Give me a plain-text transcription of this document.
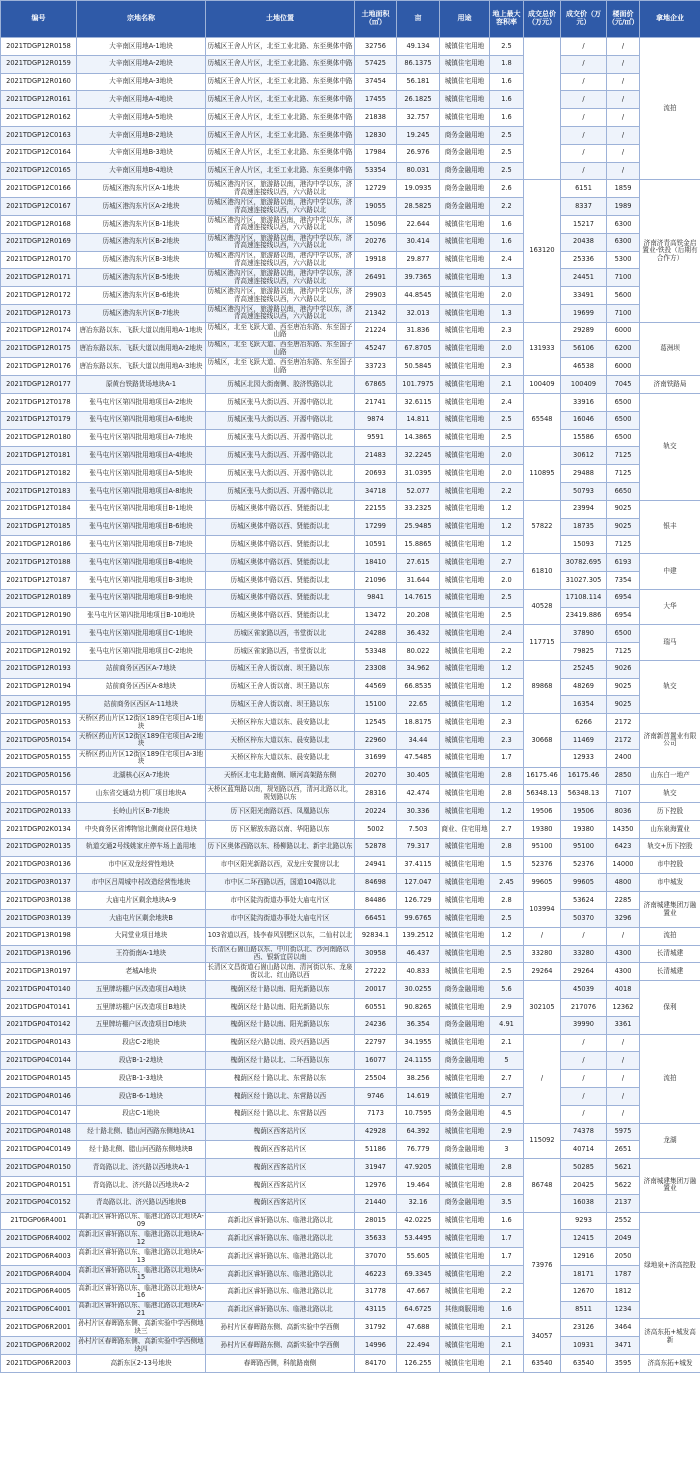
编号	宗地名称	土地位置	土地面积（㎡）	亩	用途	地上最大容积率	成交总价（万元）	成交价（万元）	楼面价（元/㎡）	拿地企业
2021TDGP12R0158	大辛南区用地A-1地块	历城区王舍人片区，北至工业北路、东至奥体中路	32756	49.134	城镇住宅用地	2.5		/	/	流拍
2021TDGP12R0159	大辛南区用地A-2地块	历城区王舍人片区，北至工业北路、东至奥体中路	57425	86.1375	城镇住宅用地	1.8		/	/	
2021TDGP12R0160	大辛南区用地A-3地块	历城区王舍人片区，北至工业北路、东至奥体中路	37454	56.181	城镇住宅用地	1.6		/	/	
2021TDGP12R0161	大辛南区用地A-4地块	历城区王舍人片区，北至工业北路、东至奥体中路	17455	26.1825	城镇住宅用地	1.6		/	/	
2021TDGP12R0162	大辛南区用地A-5地块	历城区王舍人片区，北至工业北路、东至奥体中路	21838	32.757	城镇住宅用地	1.6		/	/	
2021TDGP12C0163	大辛南区用地B-2地块	历城区王舍人片区，北至工业北路、东至奥体中路	12830	19.245	商务金融用地	2.5		/	/	
2021TDGP12C0164	大辛南区用地B-3地块	历城区王舍人片区，北至工业北路、东至奥体中路	17984	26.976	商务金融用地	2.5		/	/	
2021TDGP12C0165	大辛南区用地B-4地块	历城区王舍人片区，北至工业北路、东至奥体中路	53354	80.031	商务金融用地	2.5		/	/	
2021TDGP12C0166	历城区港沟东片区A-1地块	历城区港沟片区，旅游路以南，港沟中学以东，济青高速连接线以西，六六路以北	12729	19.0935	商务金融用地	2.6	163120	6151	1859	济南济青高铁金启置业-铁投（后期有合作方）
2021TDGP12C0167	历城区港沟东片区A-2地块	历城区港沟片区，旅游路以南，港沟中学以东，济青高速连接线以西，六六路以北	19055	28.5825	商务金融用地	2.2		8337	1989	
2021TDGP12R0168	历城区港沟东片区B-1地块	历城区港沟片区，旅游路以南，港沟中学以东，济青高速连接线以西，六六路以北	15096	22.644	城镇住宅用地	1.6		15217	6300	
2021TDGP12R0169	历城区港沟东片区B-2地块	历城区港沟片区，旅游路以南，港沟中学以东，济青高速连接线以西，六六路以北	20276	30.414	城镇住宅用地	1.6		20438	6300	
2021TDGP12R0170	历城区港沟东片区B-3地块	历城区港沟片区，旅游路以南，港沟中学以东，济青高速连接线以西，六六路以北	19918	29.877	城镇住宅用地	2.4		25336	5300	
2021TDGP12R0171	历城区港沟东片区B-5地块	历城区港沟片区，旅游路以南，港沟中学以东，济青高速连接线以西，六六路以北	26491	39.7365	城镇住宅用地	1.3		24451	7100	
2021TDGP12R0172	历城区港沟东片区B-6地块	历城区港沟片区，旅游路以南，港沟中学以东，济青高速连接线以西，六六路以北	29903	44.8545	城镇住宅用地	2.0		33491	5600	
2021TDGP12R0173	历城区港沟东片区B-7地块	历城区港沟片区，旅游路以南，港沟中学以东，济青高速连接线以西，六六路以北	21342	32.013	城镇住宅用地	1.3		19699	7100	
2021TDGP12R0174	唐冶东路以东、飞跃大道以南用地A-1地块	历城区，北至飞跃大道、西至唐冶东路、东至国子山路	21224	31.836	城镇住宅用地	2.3	131933	29289	6000	葛洲坝
2021TDGP12R0175	唐冶东路以东、飞跃大道以南用地A-2地块	历城区，北至飞跃大道、西至唐冶东路、东至国子山路	45247	67.8705	城镇住宅用地	2.0		56106	6200	
2021TDGP12R0176	唐冶东路以东、飞跃大道以南用地A-3地块	历城区，北至飞跃大道、西至唐冶东路、东至国子山路	33723	50.5845	城镇住宅用地	2.3		46538	6000	
2021TDGP12R0177	原黄台铁路货场地块A-1	历城区北园大街南侧、胶济铁路以北	67865	101.7975	城镇住宅用地	2.1	100409	100409	7045	济南铁路局
2021TDGP12T0178	张马屯片区第四批用地项目A-2地块	历城区张马大街以西、开源中路以北	21741	32.6115	城镇住宅用地	2.4	65548	33916	6500	轨交
2021TDGP12T0179	张马屯片区第四批用地项目A-6地块	历城区张马大街以西、开源中路以北	9874	14.811	城镇住宅用地	2.5		16046	6500	
2021TDGP12R0180	张马屯片区第四批用地项目A-7地块	历城区张马大街以西、开源中路以北	9591	14.3865	城镇住宅用地	2.5		15586	6500	
2021TDGP12T0181	张马屯片区第四批用地项目A-4地块	历城区张马大街以西、开源中路以北	21483	32.2245	城镇住宅用地	2.0	110895	30612	7125	
2021TDGP12T0182	张马屯片区第四批用地项目A-5地块	历城区张马大街以西、开源中路以北	20693	31.0395	城镇住宅用地	2.0		29488	7125	
2021TDGP12T0183	张马屯片区第四批用地项目A-8地块	历城区张马大街以西、开源中路以北	34718	52.077	城镇住宅用地	2.2		50793	6650	
2021TDGP12T0184	张马屯片区第四批用地项目B-1地块	历城区奥体中路以西、贤能街以北	22155	33.2325	城镇住宅用地	1.2	57822	23994	9025	银丰
2021TDGP12T0185	张马屯片区第四批用地项目B-6地块	历城区奥体中路以西、贤能街以北	17299	25.9485	城镇住宅用地	1.2		18735	9025	
2021TDGP12R0186	张马屯片区第四批用地项目B-7地块	历城区奥体中路以西、贤能街以北	10591	15.8865	城镇住宅用地	1.2		15093	7125	
2021TDGP12T0188	张马屯片区第四批用地项目B-4地块	历城区奥体中路以西、贤能街以北	18410	27.615	城镇住宅用地	2.7	61810	30782.695	6193	中建
2021TDGP12T0187	张马屯片区第四批用地项目B-3地块	历城区奥体中路以西、贤能街以北	21096	31.644	城镇住宅用地	2.0		31027.305	7354	
2021TDGP12R0189	张马屯片区第四批用地项目B-9地块	历城区奥体中路以西、贤能街以北	9841	14.7615	城镇住宅用地	2.5	40528	17108.114	6954	大华
2021TDGP12R0190	张马屯片区第四批用地项目B-10地块	历城区奥体中路以西、贤能街以北	13472	20.208	城镇住宅用地	2.5		23419.886	6954	
2021TDGP12R0191	张马屯片区第四批用地项目C-1地块	历城区雀家路以西，书堂街以北	24288	36.432	城镇住宅用地	2.4	117715	37890	6500	瑞马
2021TDGP12R0192	张马屯片区第四批用地项目C-2地块	历城区雀家路以西，书堂街以北	53348	80.022	城镇住宅用地	2.2		79825	7125	
2021TDGP12R0193	站前商务区西区A-7地块	历城区王舍人街以南、坝王路以东	23308	34.962	城镇住宅用地	1.2	89868	25245	9026	轨交
2021TDGP12R0194	站前商务区西区A-8地块	历城区王舍人街以南、坝王路以东	44569	66.8535	城镇住宅用地	1.2		48269	9025	
2021TDGP12R0195	站前商务区西区A-11地块	历城区王舍人街以南、坝王路以东	15100	22.65	城镇住宅用地	1.2		16354	9025	
2021TDGP05R0153	天桥区药山片区12街区189住宅项目A-1地块	天桥区梓东大道以东、晨安路以北	12545	18.8175	城镇住宅用地	2.3	30668	6266	2172	济南新莒置业有限公司
2021TDGP05R0154	天桥区药山片区12街区189住宅项目A-2地块	天桥区梓东大道以东、晨安路以北	22960	34.44	城镇住宅用地	2.3		11469	2172	
2021TDGP05R0155	天桥区药山片区12街区189住宅项目A-3地块	天桥区梓东大道以东、晨安路以北	31699	47.5485	城镇住宅用地	1.7		12933	2400	
2021TDGP05R0156	北湖核心区A-7地块	天桥区北屯北路南侧、顺河高架路东侧	20270	30.405	城镇住宅用地	2.8	16175.46	16175.46	2850	山东白一地产
2021TDGP05R0157	山东省交通动力机厂项目地块A	天桥区蓝翔路以南，规划路以西，清河北路以北，规划路以东	28316	42.474	城镇住宅用地	2.8	56348.13	56348.13	7107	轨交
2021TDGP02R0133	长岭山片区B-7地块	历下区阳光南路以西、凤凰路以东	20224	30.336	城镇住宅用地	1.2	19506	19506	8036	历下控股
2021TDGP02K0134	中央商务区省博物馆北侧商业居住地块	历下区解放东路以南、华阳路以东	5002	7.503	商业、住宅用地	2.7	19380	19380	14350	山东泉海置业
2021TDGP02R0135	轨道交通2号线姚家庄停车场上盖用地	历下区奥体西路以东、杨柳路以北、新宇北路以东	52878	79.317	城镇住宅用地	2.8	95100	95100	6423	轨交+历下控股
2021TDGP03R0136	市中区双龙经营性地块	市中区阳光新路以西，双龙庄安置房以北	24941	37.4115	城镇住宅用地	1.5	52376	52376	14000	市中控股
2021TDGP03R0137	市中区吕周城中村改造经营性地块	市中区二环西路以西，国道104路以北	84698	127.047	城镇住宅用地	2.45	99605	99605	4800	市中城发
2021TDGP03R0138	大庙屯片区剩余地块A-9	市中区陡沟街道办事处大庙屯片区	84486	126.729	城镇住宅用地	2.8	103994	53624	2285	济南城建集团万融置业
2021TDGP03R0139	大庙屯片区剩余地块B	市中区陡沟街道办事处大庙屯片区	66451	99.6765	城镇住宅用地	2.5		50370	3296	
2021TDGP13R0198	大同堂业项目地块	103省道以西，钱李春风别墅区以东，二仙村以北	92834.1	139.2512	城镇住宅用地	1.2	/	/	/	流拍
2021TDGP13R0196	王符街南A-1地块	长清区石崮山路以东、中川街以北、沙河南路以西、银新宜居以南	30958	46.437	城镇住宅用地	2.5	33280	33280	4300	长清城建
2021TDGP13R0197	老城A地块	长清区文昌街道石崮山路以南、清河街以东、龙泉街以北、红山路以西	27222	40.833	城镇住宅用地	2.5	29264	29264	4300	长清城建
2021TDGP04T0140	五里牌坊棚户区改造项目A地块	槐荫区经十路以南、阳光新路以东	20017	30.0255	商务金融用地	5.6	302105	45039	4018	保利
2021TDGP04T0141	五里牌坊棚户区改造项目B地块	槐荫区经十路以南、阳光新路以东	60551	90.8265	城镇住宅用地	2.9		217076	12362	
2021TDGP04T0142	五里牌坊棚户区改造项目D地块	槐荫区经十路以南、阳光新路以东	24236	36.354	商务金融用地	4.91		39990	3361	
2021TDGP04R0143	段店C-2地块	槐荫区经六路以南、段兴西路以西	22797	34.1955	城镇住宅用地	2.1	/	/	/	流拍
2021TDGP04C0144	段店B-1-2地块	槐荫区经十路以北、二环西路以东	16077	24.1155	商务金融用地	5		/	/	
2021TDGP04R0145	段店B-1-3地块	槐荫区经十路以北、东营路以东	25504	38.256	城镇住宅用地	2.7		/	/	
2021TDGP04R0146	段店B-6-1地块	槐荫区经十路以北、东营路以西	9746	14.619	城镇住宅用地	2.7		/	/	
2021TDGP04C0147	段店C-1地块	槐荫区经十路以北、东营路以西	7173	10.7595	商务金融用地	4.5		/	/	
2021TDGP04R0148	经十路北侧、腊山河西路东侧地块A1	槐荫区西客站片区	42928	64.392	城镇住宅用地	2.9	115092	74378	5975	龙湖
2021TDGP04C0149	经十路北侧、腊山河西路东侧地块B	槐荫区西客站片区	51186	76.779	商务金融用地	3		40714	2651	
2021TDGP04R0150	青岛路以北、济兴路以西地块A-1	槐荫区西客站片区	31947	47.9205	城镇住宅用地	2.8	86748	50285	5621	济南城建集团万融置业
2021TDGP04R0151	青岛路以北、济兴路以西地块A-2	槐荫区西客站片区	12976	19.464	城镇住宅用地	2.8		20425	5622	
2021TDGP04C0152	青岛路以北、济兴路以西地块B	槐荫区西客站片区	21440	32.16	商务金融用地	3.5		16038	2137	
21TDGP06R4001	高新北区睿轩路以东、临港北路以北地块A-09	高新北区睿轩路以东、临港北路以北	28015	42.0225	城镇住宅用地	1.6	73976	9293	2552	绿地泉+济高控股
2021TDGP06R4002	高新北区睿轩路以东、临港北路以北地块A-12	高新北区睿轩路以东、临港北路以北	35633	53.4495	城镇住宅用地	1.7		12415	2049	
2021TDGP06R4003	高新北区睿轩路以东、临港北路以北地块A-13	高新北区睿轩路以东、临港北路以北	37070	55.605	城镇住宅用地	1.7		12916	2050	
2021TDGP06R4004	高新北区睿轩路以东、临港北路以北地块A-15	高新北区睿轩路以东、临港北路以北	46223	69.3345	城镇住宅用地	2.2		18171	1787	
2021TDGP06R4005	高新北区睿轩路以东、临港北路以北地块A-16	高新北区睿轩路以东、临港北路以北	31778	47.667	城镇住宅用地	2.2		12670	1812	
2021TDGP06C4001	高新北区睿轩路以东、临港北路以北地块A-21	高新北区睿轩路以东、临港北路以北	43115	64.6725	其他商服用地	1.6		8511	1234	
2021TDGP06R2001	孙村片区春晖路东侧、高新实验中学西侧地块三	孙村片区春晖路东侧、高新实验中学西侧	31792	47.688	城镇住宅用地	2.1	34057	23126	3464	济高东拓+城发高新
2021TDGP06R2002	孙村片区春晖路东侧、高新实验中学西侧地块四	孙村片区春晖路东侧、高新实验中学西侧	14996	22.494	城镇住宅用地	2.1		10931	3471	
2021TDGP06R2003	高新东区2-13号地块	春晖路西侧，科航路南侧	84170	126.255	城镇住宅用地	2.1	63540	63540	3595	济高东拓+城发
